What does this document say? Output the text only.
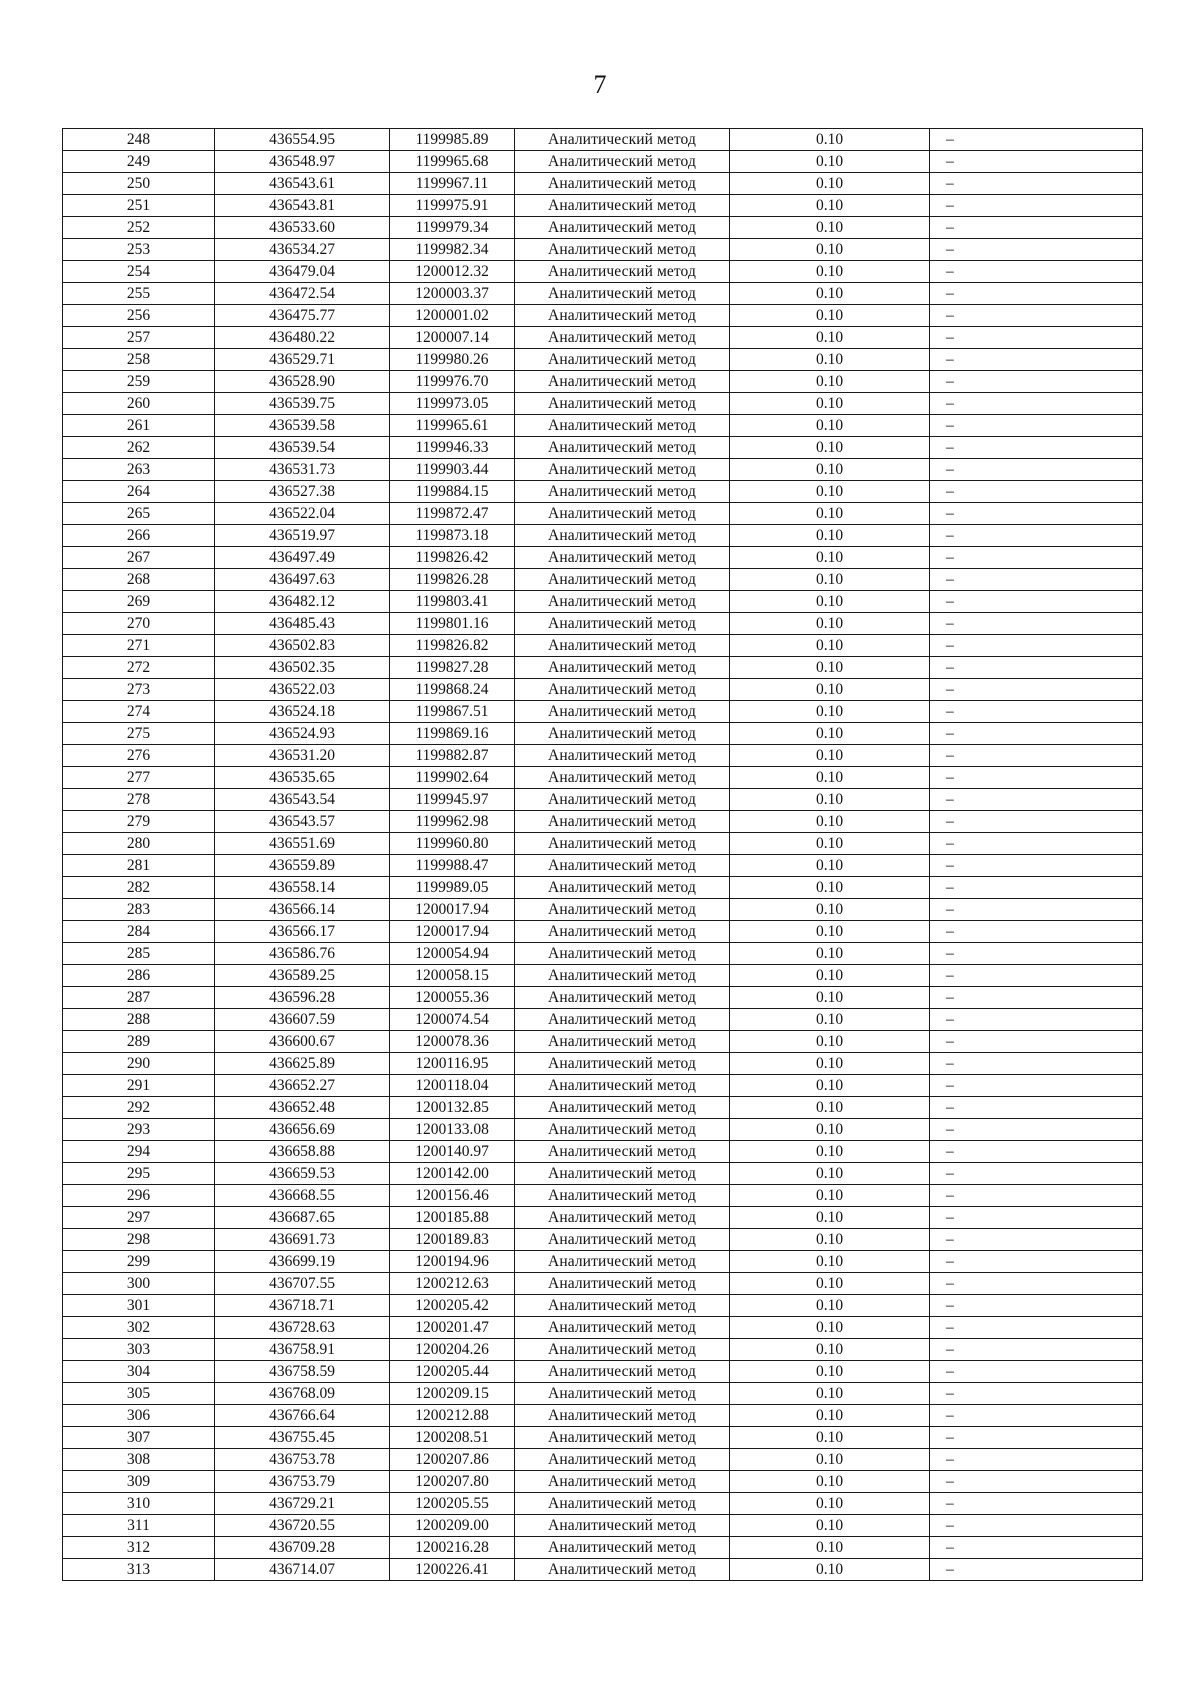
7
248	436554.95	1199985.89	Аналитический метод	0.10	–
249	436548.97	1199965.68	Аналитический метод	0.10	–
250	436543.61	1199967.11	Аналитический метод	0.10	–
251	436543.81	1199975.91	Аналитический метод	0.10	–
252	436533.60	1199979.34	Аналитический метод	0.10	–
253	436534.27	1199982.34	Аналитический метод	0.10	–
254	436479.04	1200012.32	Аналитический метод	0.10	–
255	436472.54	1200003.37	Аналитический метод	0.10	–
256	436475.77	1200001.02	Аналитический метод	0.10	–
257	436480.22	1200007.14	Аналитический метод	0.10	–
258	436529.71	1199980.26	Аналитический метод	0.10	–
259	436528.90	1199976.70	Аналитический метод	0.10	–
260	436539.75	1199973.05	Аналитический метод	0.10	–
261	436539.58	1199965.61	Аналитический метод	0.10	–
262	436539.54	1199946.33	Аналитический метод	0.10	–
263	436531.73	1199903.44	Аналитический метод	0.10	–
264	436527.38	1199884.15	Аналитический метод	0.10	–
265	436522.04	1199872.47	Аналитический метод	0.10	–
266	436519.97	1199873.18	Аналитический метод	0.10	–
267	436497.49	1199826.42	Аналитический метод	0.10	–
268	436497.63	1199826.28	Аналитический метод	0.10	–
269	436482.12	1199803.41	Аналитический метод	0.10	–
270	436485.43	1199801.16	Аналитический метод	0.10	–
271	436502.83	1199826.82	Аналитический метод	0.10	–
272	436502.35	1199827.28	Аналитический метод	0.10	–
273	436522.03	1199868.24	Аналитический метод	0.10	–
274	436524.18	1199867.51	Аналитический метод	0.10	–
275	436524.93	1199869.16	Аналитический метод	0.10	–
276	436531.20	1199882.87	Аналитический метод	0.10	–
277	436535.65	1199902.64	Аналитический метод	0.10	–
278	436543.54	1199945.97	Аналитический метод	0.10	–
279	436543.57	1199962.98	Аналитический метод	0.10	–
280	436551.69	1199960.80	Аналитический метод	0.10	–
281	436559.89	1199988.47	Аналитический метод	0.10	–
282	436558.14	1199989.05	Аналитический метод	0.10	–
283	436566.14	1200017.94	Аналитический метод	0.10	–
284	436566.17	1200017.94	Аналитический метод	0.10	–
285	436586.76	1200054.94	Аналитический метод	0.10	–
286	436589.25	1200058.15	Аналитический метод	0.10	–
287	436596.28	1200055.36	Аналитический метод	0.10	–
288	436607.59	1200074.54	Аналитический метод	0.10	–
289	436600.67	1200078.36	Аналитический метод	0.10	–
290	436625.89	1200116.95	Аналитический метод	0.10	–
291	436652.27	1200118.04	Аналитический метод	0.10	–
292	436652.48	1200132.85	Аналитический метод	0.10	–
293	436656.69	1200133.08	Аналитический метод	0.10	–
294	436658.88	1200140.97	Аналитический метод	0.10	–
295	436659.53	1200142.00	Аналитический метод	0.10	–
296	436668.55	1200156.46	Аналитический метод	0.10	–
297	436687.65	1200185.88	Аналитический метод	0.10	–
298	436691.73	1200189.83	Аналитический метод	0.10	–
299	436699.19	1200194.96	Аналитический метод	0.10	–
300	436707.55	1200212.63	Аналитический метод	0.10	–
301	436718.71	1200205.42	Аналитический метод	0.10	–
302	436728.63	1200201.47	Аналитический метод	0.10	–
303	436758.91	1200204.26	Аналитический метод	0.10	–
304	436758.59	1200205.44	Аналитический метод	0.10	–
305	436768.09	1200209.15	Аналитический метод	0.10	–
306	436766.64	1200212.88	Аналитический метод	0.10	–
307	436755.45	1200208.51	Аналитический метод	0.10	–
308	436753.78	1200207.86	Аналитический метод	0.10	–
309	436753.79	1200207.80	Аналитический метод	0.10	–
310	436729.21	1200205.55	Аналитический метод	0.10	–
311	436720.55	1200209.00	Аналитический метод	0.10	–
312	436709.28	1200216.28	Аналитический метод	0.10	–
313	436714.07	1200226.41	Аналитический метод	0.10	–
